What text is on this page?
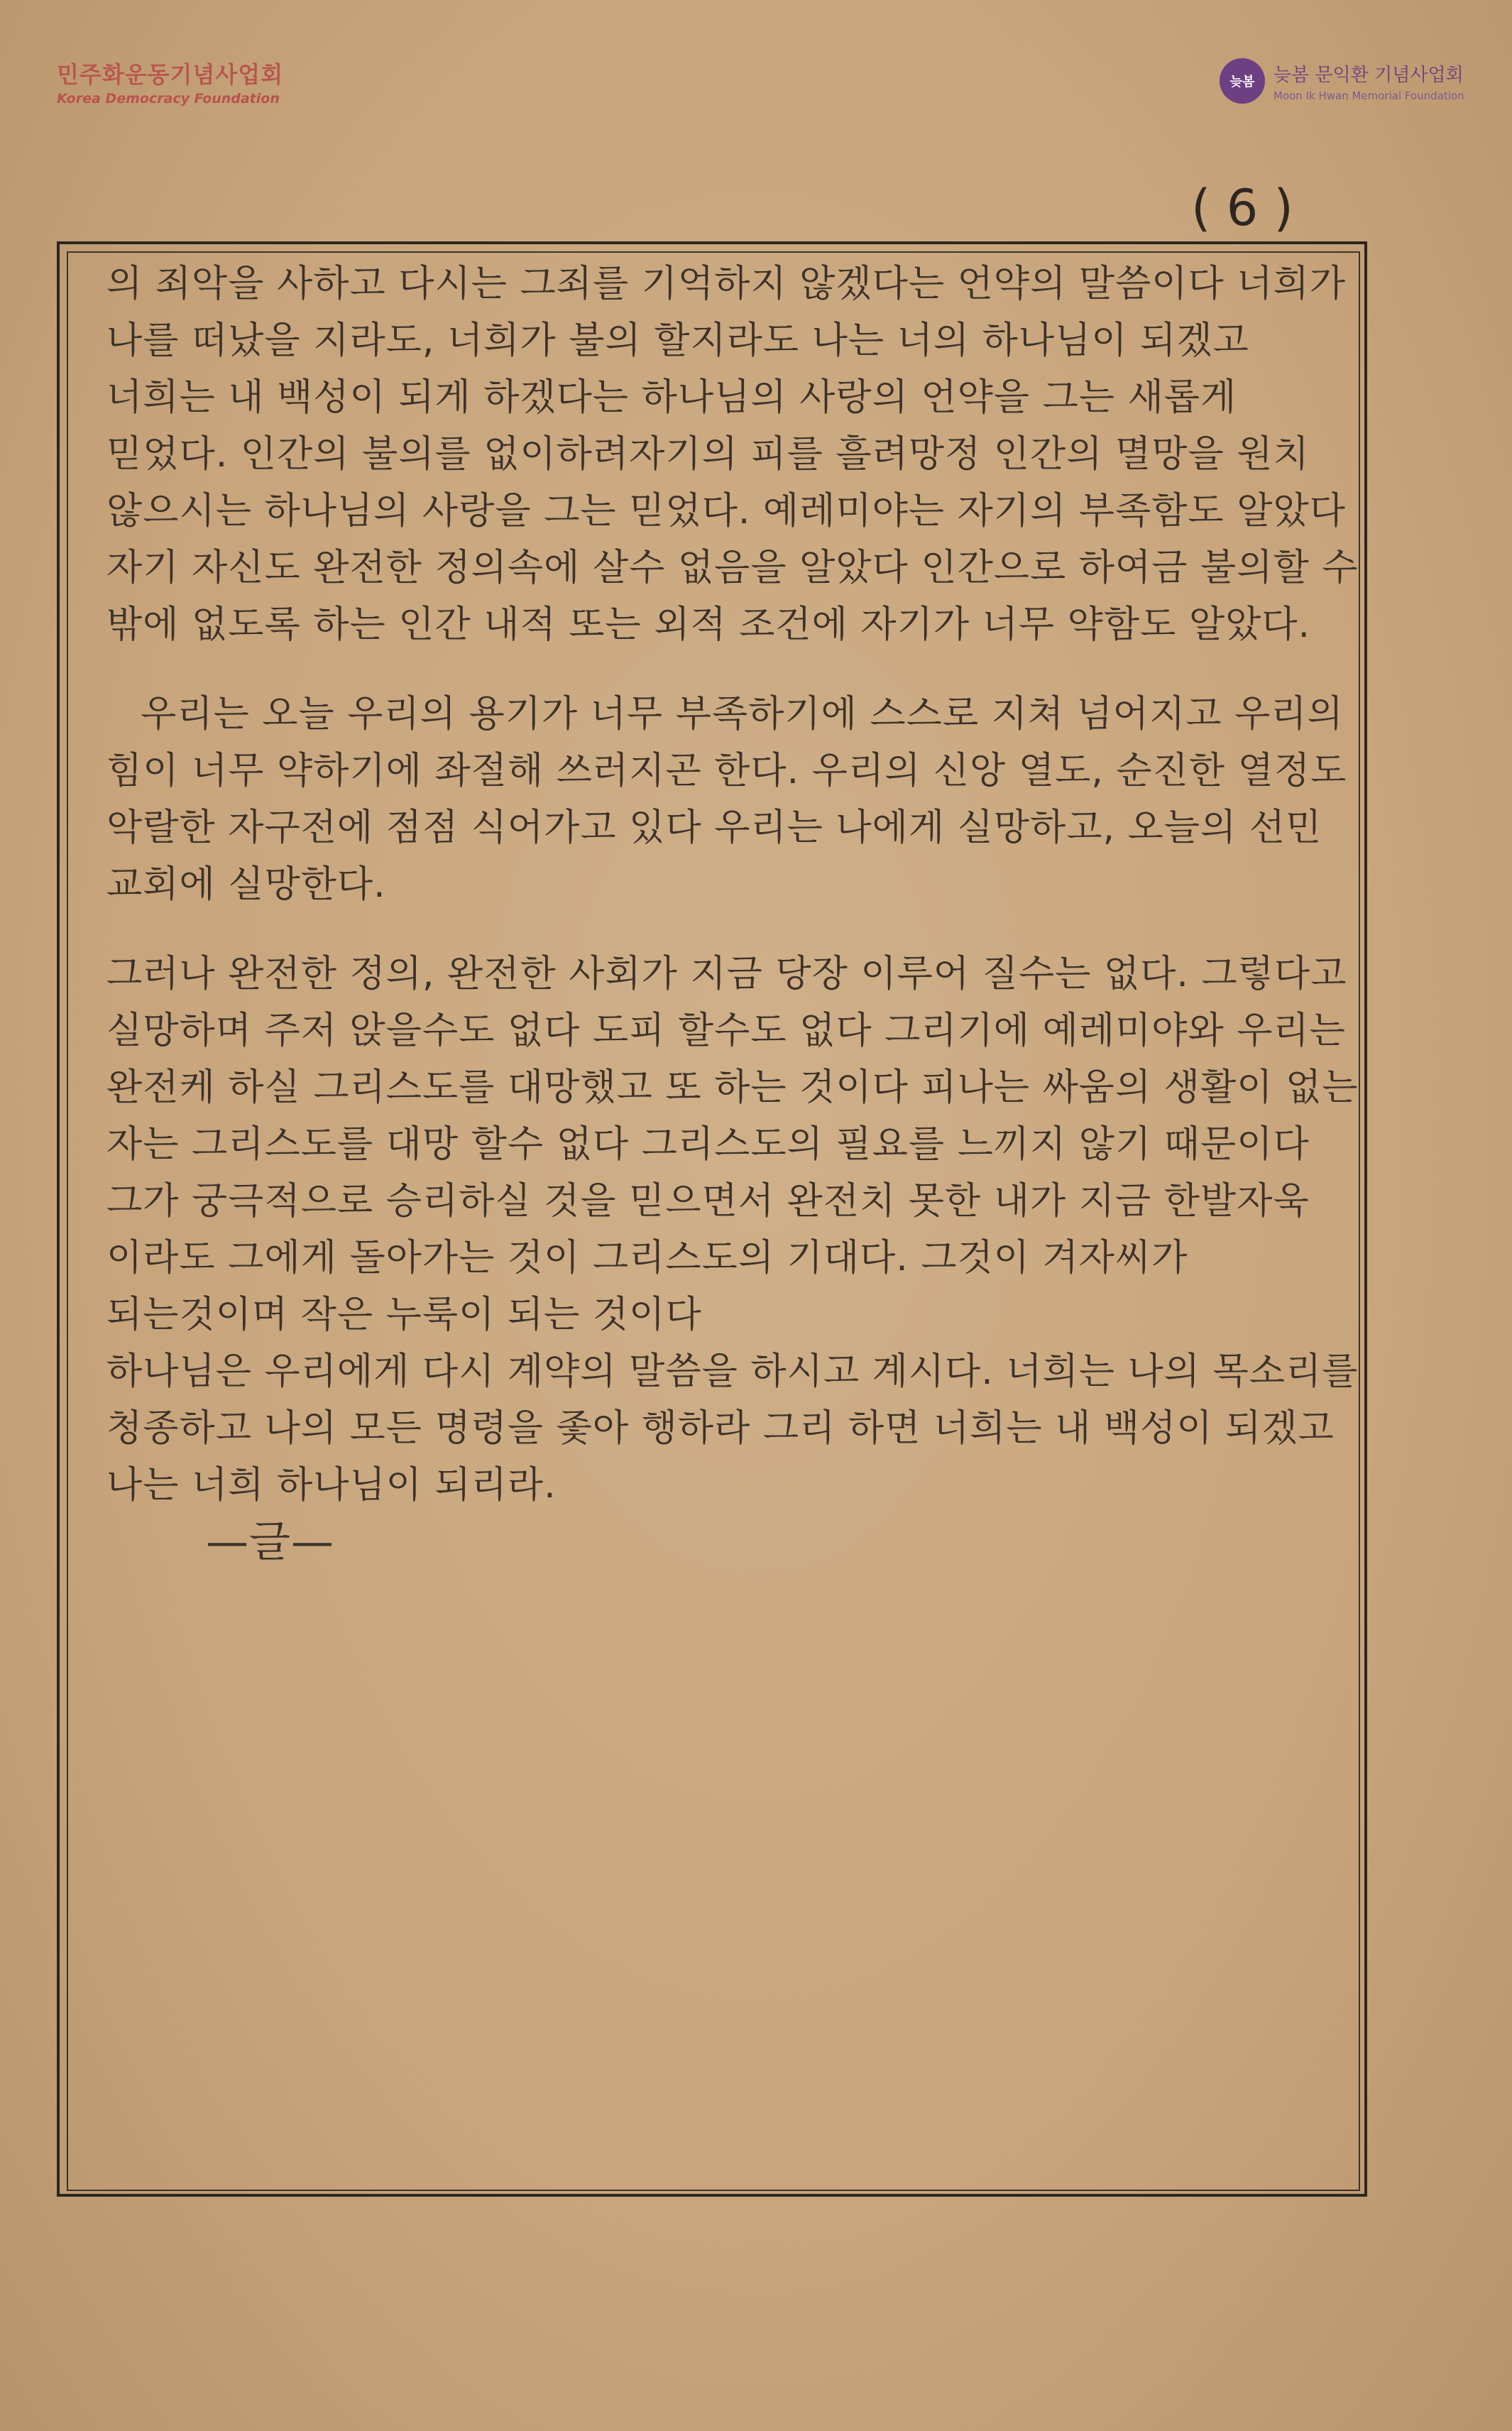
민주화운동기념사업회
Korea Democracy Foundation
늦봄	늦봄 문익환 기념사업회
Moon Ik Hwan Memorial Foundation
( 6 )

의 죄악을 사하고 다시는 그죄를 기억하지 않겠다는 언약의 말씀이다 너희가 나를 떠났을 지라도, 너희가 불의 할지라도 나는 너의 하나님이 되겠고 너희는 내 백성이 되게 하겠다는 하나님의 사랑의 언약을 그는 새롭게 믿었다. 인간의 불의를 없이하려자기의 피를 흘려망정 인간의 멸망을 원치 않으시는 하나님의 사랑을 그는 믿었다. 예레미야는 자기의 부족함도 알았다 자기 자신도 완전한 정의속에 살수 없음을 알았다 인간으로 하여금 불의할 수 밖에 없도록 하는 인간 내적 또는 외적 조건에 자기가 너무 약함도 알았다.

우리는 오늘 우리의 용기가 너무 부족하기에 스스로 지쳐 넘어지고 우리의 힘이 너무 약하기에 좌절해 쓰러지곤 한다. 우리의 신앙 열도, 순진한 열정도 악랄한 자구전에 점점 식어가고 있다 우리는 나에게 실망하고, 오늘의 선민 교회에 실망한다.

그러나 완전한 정의, 완전한 사회가 지금 당장 이루어 질수는 없다. 그렇다고 실망하며 주저 앉을수도 없다 도피 할수도 없다 그리기에 예레미야와 우리는 완전케 하실 그리스도를 대망했고 또 하는 것이다 피나는 싸움의 생활이 없는 자는 그리스도를 대망 할수 없다 그리스도의 필요를 느끼지 않기 때문이다 그가 궁극적으로 승리하실 것을 믿으면서 완전치 못한 내가 지금 한발자욱 이라도 그에게 돌아가는 것이 그리스도의 기대다. 그것이 겨자씨가 되는것이며 작은 누룩이 되는 것이다

하나님은 우리에게 다시 계약의 말씀을 하시고 계시다. 너희는 나의 목소리를 청종하고 나의 모든 명령을 좇아 행하라 그리 하면 너희는 내 백성이 되겠고 나는 너희 하나님이 되리라.

—글—
